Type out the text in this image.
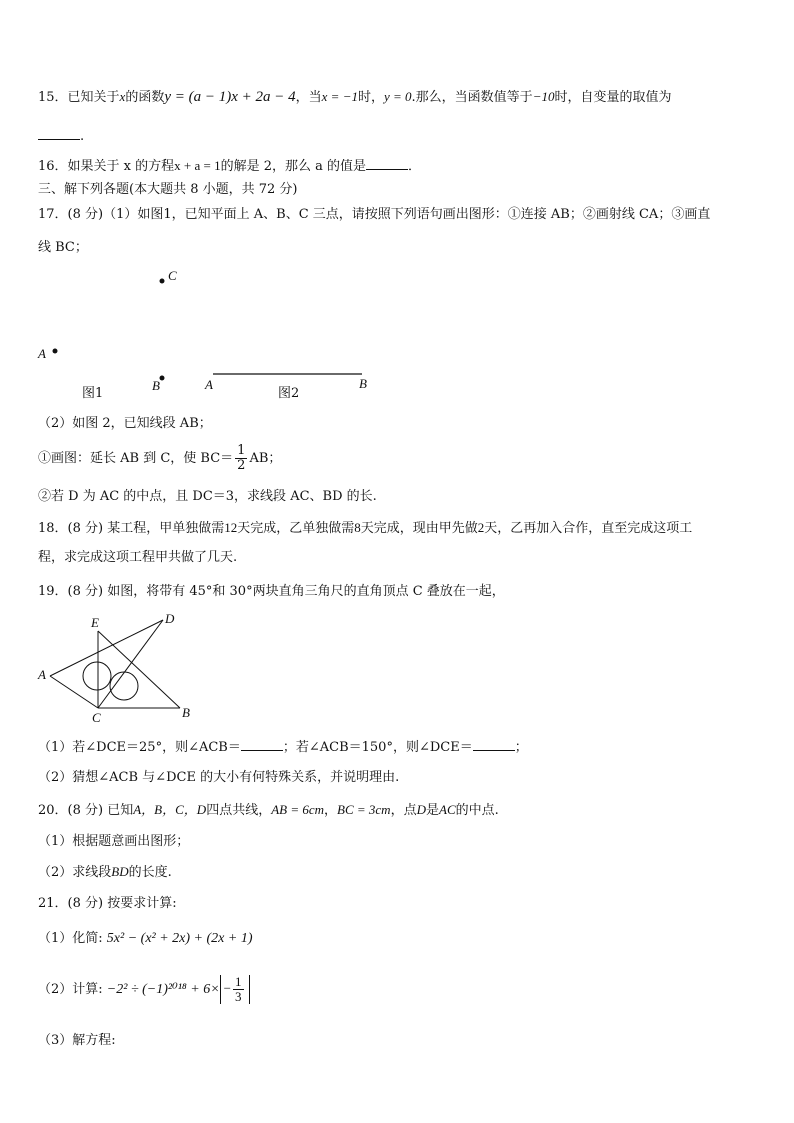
15．已知关于x的函数y = (a − 1)x + 2a − 4，当x = −1时，y = 0.那么，当函数值等于−10时，自变量的取值为
.
16．如果关于 x 的方程x + a = 1的解是 2，那么 a 的值是	．
三、解下列各题(本大题共 8 小题，共 72 分)
17．(8 分)（1）如图1，已知平面上 A、B、C 三点，请按照下列语句画出图形：①连接 AB；②画射线 CA；③画直
线 BC；
C
A
B
图1
A	B
图2
（2）如图 2，已知线段 AB；
①画图：延长 AB 到 C，使 $BC= \frac{1}{2}$ AB；
②若 D 为 AC 的中点，且 DC＝3，求线段 AC、BD 的长.
18．(8 分) 某工程，甲单独做需12天完成，乙单独做需8天完成，现由甲先做2天，乙再加入合作，直至完成这项工
程，求完成这项工程甲共做了几天.
19．(8 分) 如图，将带有 45°和 30°两块直角三角尺的直角顶点 C 叠放在一起，
E	D
A
C	B
（1）若∠DCE＝25°，则∠ACB＝	；若∠ACB＝150°，则∠DCE＝	；
（2）猜想∠ACB 与∠DCE 的大小有何特殊关系，并说明理由.
20．(8 分) 已知A，B，C，D四点共线，AB = 6cm，BC = 3cm，点D是AC的中点.
（1）根据题意画出图形；
（2）求线段BD的长度.
21．(8 分) 按要求计算:
（1）化简: 5x² − (x² + 2x) + (2x + 1)
（2）计算: $-2^2 \div (-1)^{2018} + 6\times - \frac{1}{3}$
（3）解方程:
